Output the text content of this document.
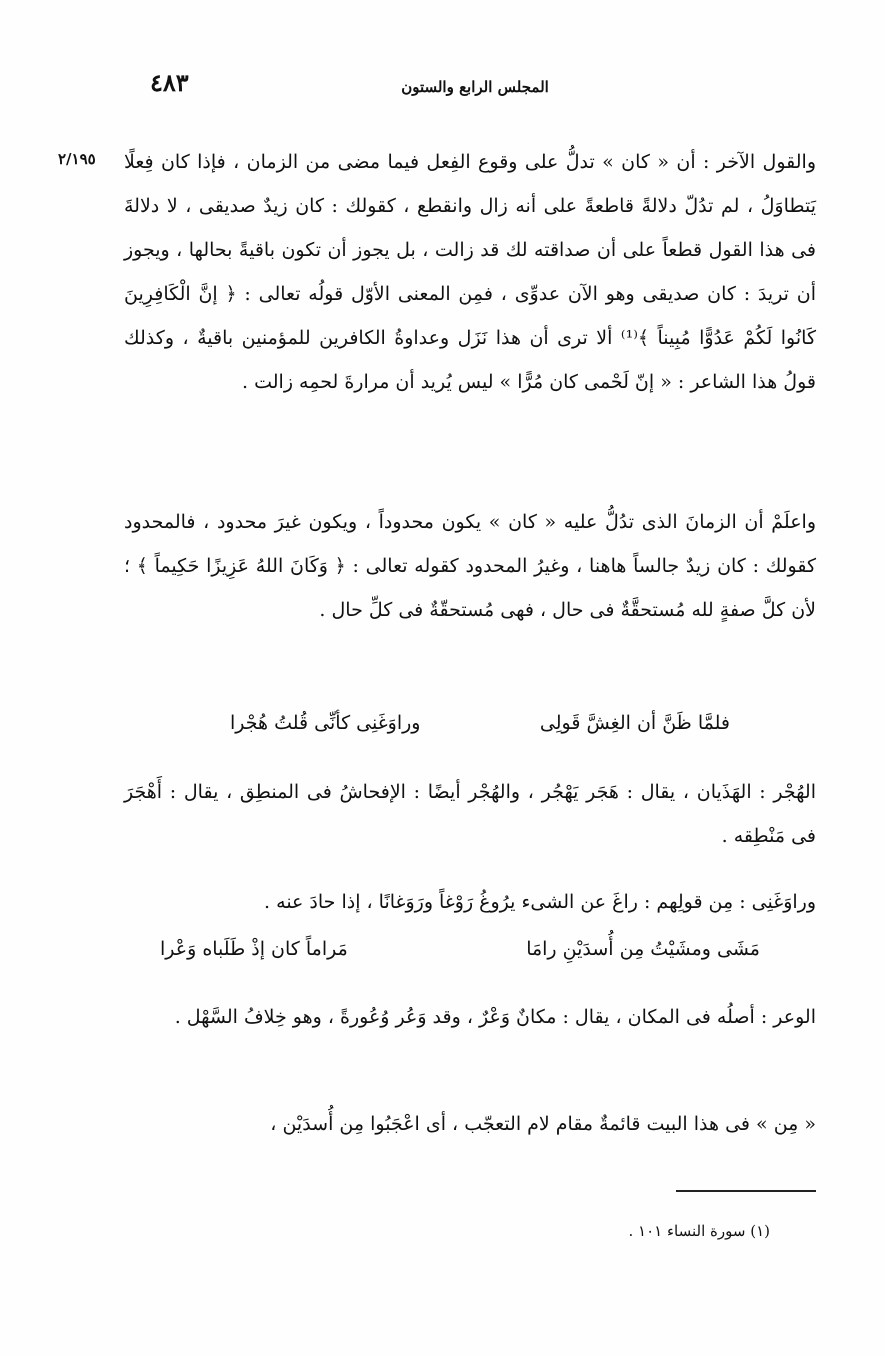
المجلس الرابع والستون
٤٨٣
٢/١٩٥ والقول الآخر : أن « كان » تدلُّ على وقوع الفِعل فيما مضى من الزمان ، فإذا كان فِعلًا يَتطاوَلُ ، لم تدُلّ دلالةً قاطعةً على أنه زال وانقطع ، كقولك : كان زيدٌ صديقى ، لا دلالةَ فى هذا القول قطعاً على أن صداقته لك قد زالت ، بل يجوز أن تكون باقيةً بحالها ، ويجوز أن تريدَ : كان صديقى وهو الآن عدوِّى ، فمِن المعنى الأوّل قولُه تعالى : ﴿ إنَّ الْكَافِرِينَ كَانُوا لَكُمْ عَدُوًّا مُبِيناً ﴾⁽¹⁾ ألا ترى أن هذا نَزَل وعداوةُ الكافرين للمؤمنين باقيةٌ ، وكذلك قولُ هذا الشاعر : « إنّ لَحْمى كان مُرًّا » ليس يُريد أن مرارةَ لحمِه زالت .

واعلَمْ أن الزمانَ الذى تدُلُّ عليه « كان » يكون محدوداً ، ويكون غيرَ محدود ، فالمحدود كقولك : كان زيدٌ جالساً هاهنا ، وغيرُ المحدود كقوله تعالى : ﴿ وَكَانَ اللهُ عَزِيزًا حَكِيماً ﴾ ؛ لأن كلَّ صفةٍ لله مُستحقَّةٌ فى حال ، فهى مُستحقّةٌ فى كلِّ حال .

فلمَّا ظَنَّ أن الغِشَّ قَولِى
وراوَغَنِى كأنِّى قُلتُ هُجْرا

الهُجْر : الهَذَيان ، يقال : هَجَر يَهْجُر ، والهُجْر أيضًا : الإفحاشُ فى المنطِق ، يقال : أَهْجَرَ فى مَنْطِقه .

وراوَغَنِى : مِن قولِهم : راغَ عن الشىء يرُوغُ رَوْغاً ورَوَغانًا ، إذا حادَ عنه .

مَشَى ومشَيْتُ مِن أُسدَيْنِ رامَا
مَراماً كان إذْ طَلَباه وَعْرا

الوعر : أصلُه فى المكان ، يقال : مكانٌ وَعْرٌ ، وقد وَعُر وُعُورةً ، وهو خِلافُ السَّهْل .

« مِن » فى هذا البيت قائمةٌ مقام لام التعجّب ، أى اعْجَبُوا مِن أُسدَيْن ،

(١) سورة النساء ١٠١ .
